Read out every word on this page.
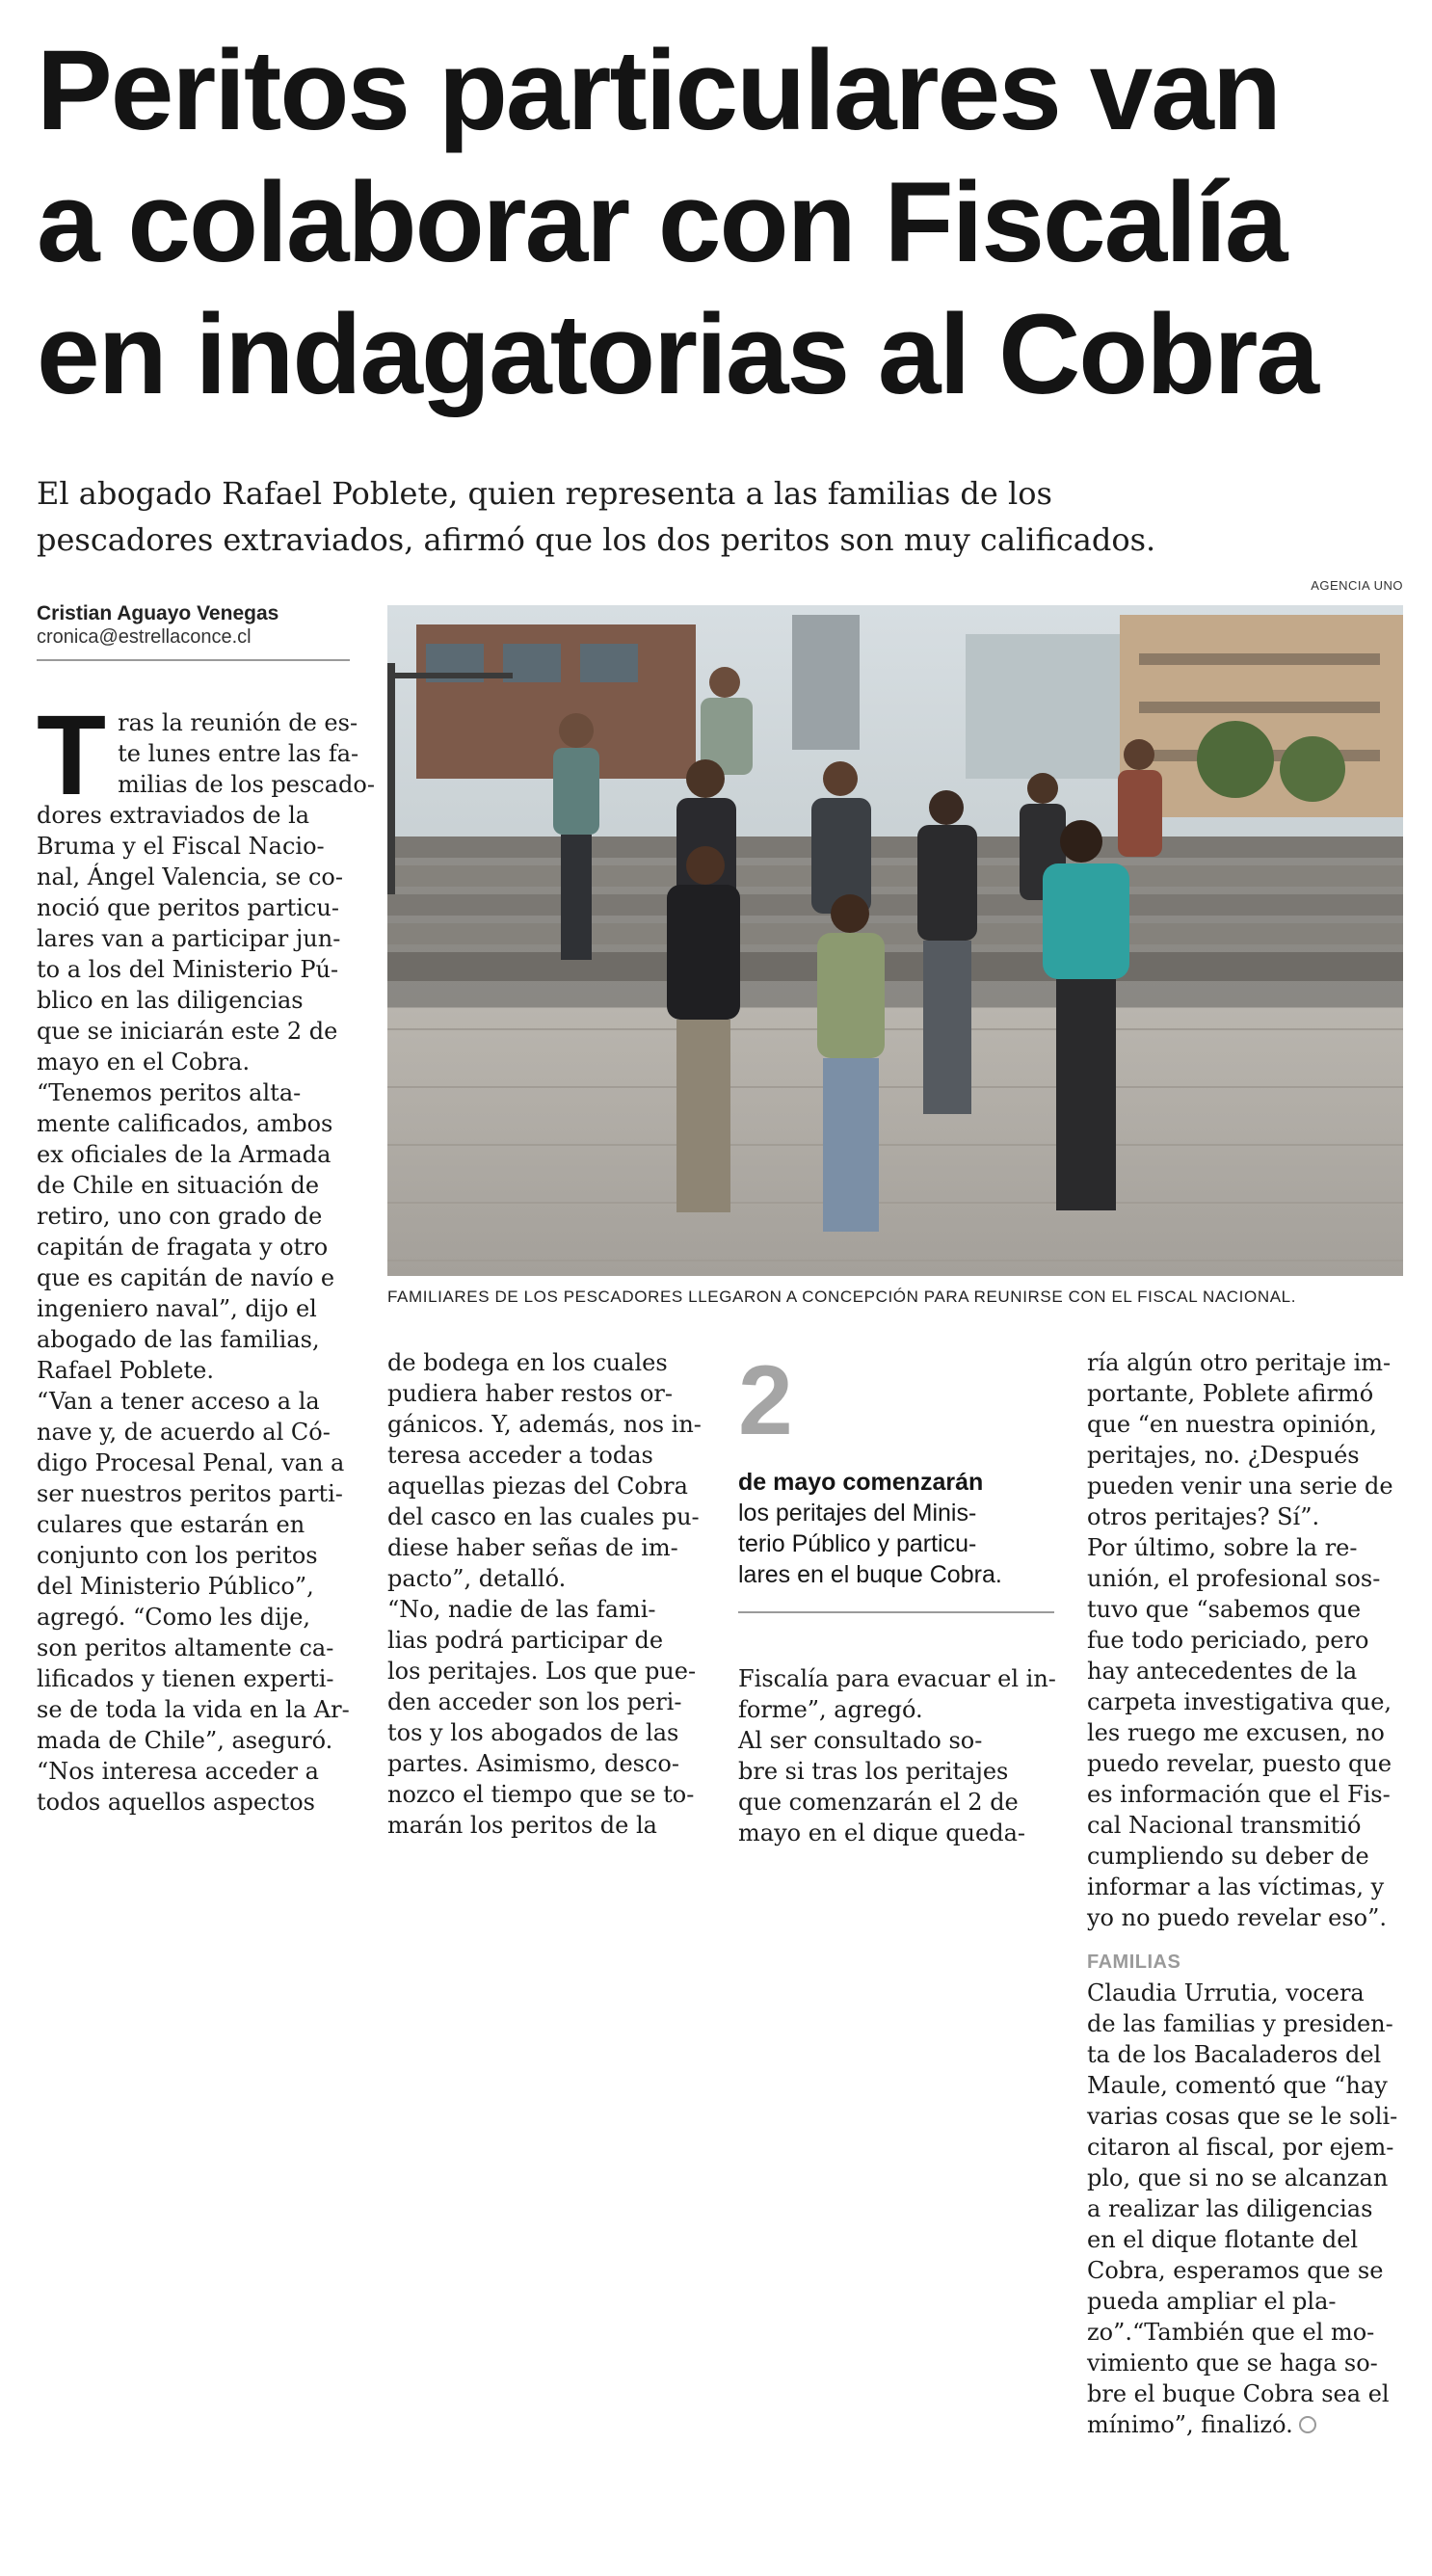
Peritos particulares van
a colaborar con Fiscalía
en indagatorias al Cobra

El abogado Rafael Poblete, quien representa a las familias de los
pescadores extraviados, afirmó que los dos peritos son muy calificados.

Cristian Aguayo Venegas
cronica@estrellaconce.cl
AGENCIA UNO
FAMILIARES DE LOS PESCADORES LLEGARON A CONCEPCIÓN PARA REUNIRSE CON EL FISCAL NACIONAL.
T ras la reunión de es-
te lunes entre las fa-
milias de los pescado-
dores extraviados de la
Bruma y el Fiscal Nacio-
nal, Ángel Valencia, se co-
noció que peritos particu-
lares van a participar jun-
to a los del Ministerio Pú-
blico en las diligencias
que se iniciarán este 2 de
mayo en el Cobra.
“Tenemos peritos alta-
mente calificados, ambos
ex oficiales de la Armada
de Chile en situación de
retiro, uno con grado de
capitán de fragata y otro
que es capitán de navío e
ingeniero naval”, dijo el
abogado de las familias,
Rafael Poblete.
“Van a tener acceso a la
nave y, de acuerdo al Có-
digo Procesal Penal, van a
ser nuestros peritos parti-
culares que estarán en
conjunto con los peritos
del Ministerio Público”,
agregó. “Como les dije,
son peritos altamente ca-
lificados y tienen experti-
se de toda la vida en la Ar-
mada de Chile”, aseguró.
“Nos interesa acceder a
todos aquellos aspectos
de bodega en los cuales
pudiera haber restos or-
gánicos. Y, además, nos in-
teresa acceder a todas
aquellas piezas del Cobra
del casco en las cuales pu-
diese haber señas de im-
pacto”, detalló.
“No, nadie de las fami-
lias podrá participar de
los peritajes. Los que pue-
den acceder son los peri-
tos y los abogados de las
partes. Asimismo, desco-
nozco el tiempo que se to-
marán los peritos de la
2
de mayo comenzarán
los peritajes del Minis-
terio Público y particu-
lares en el buque Cobra.
Fiscalía para evacuar el in-
forme”, agregó.
Al ser consultado so-
bre si tras los peritajes
que comenzarán el 2 de
mayo en el dique queda-
ría algún otro peritaje im-
portante, Poblete afirmó
que “en nuestra opinión,
peritajes, no. ¿Después
pueden venir una serie de
otros peritajes? Sí”.
Por último, sobre la re-
unión, el profesional sos-
tuvo que “sabemos que
fue todo periciado, pero
hay antecedentes de la
carpeta investigativa que,
les ruego me excusen, no
puedo revelar, puesto que
es información que el Fis-
cal Nacional transmitió
cumpliendo su deber de
informar a las víctimas, y
yo no puedo revelar eso”.
FAMILIAS
Claudia Urrutia, vocera
de las familias y presiden-
ta de los Bacaladeros del
Maule, comentó que “hay
varias cosas que se le soli-
citaron al fiscal, por ejem-
plo, que si no se alcanzan
a realizar las diligencias
en el dique flotante del
Cobra, esperamos que se
pueda ampliar el pla-
zo”.“También que el mo-
vimiento que se haga so-
bre el buque Cobra sea el
mínimo”, finalizó.
